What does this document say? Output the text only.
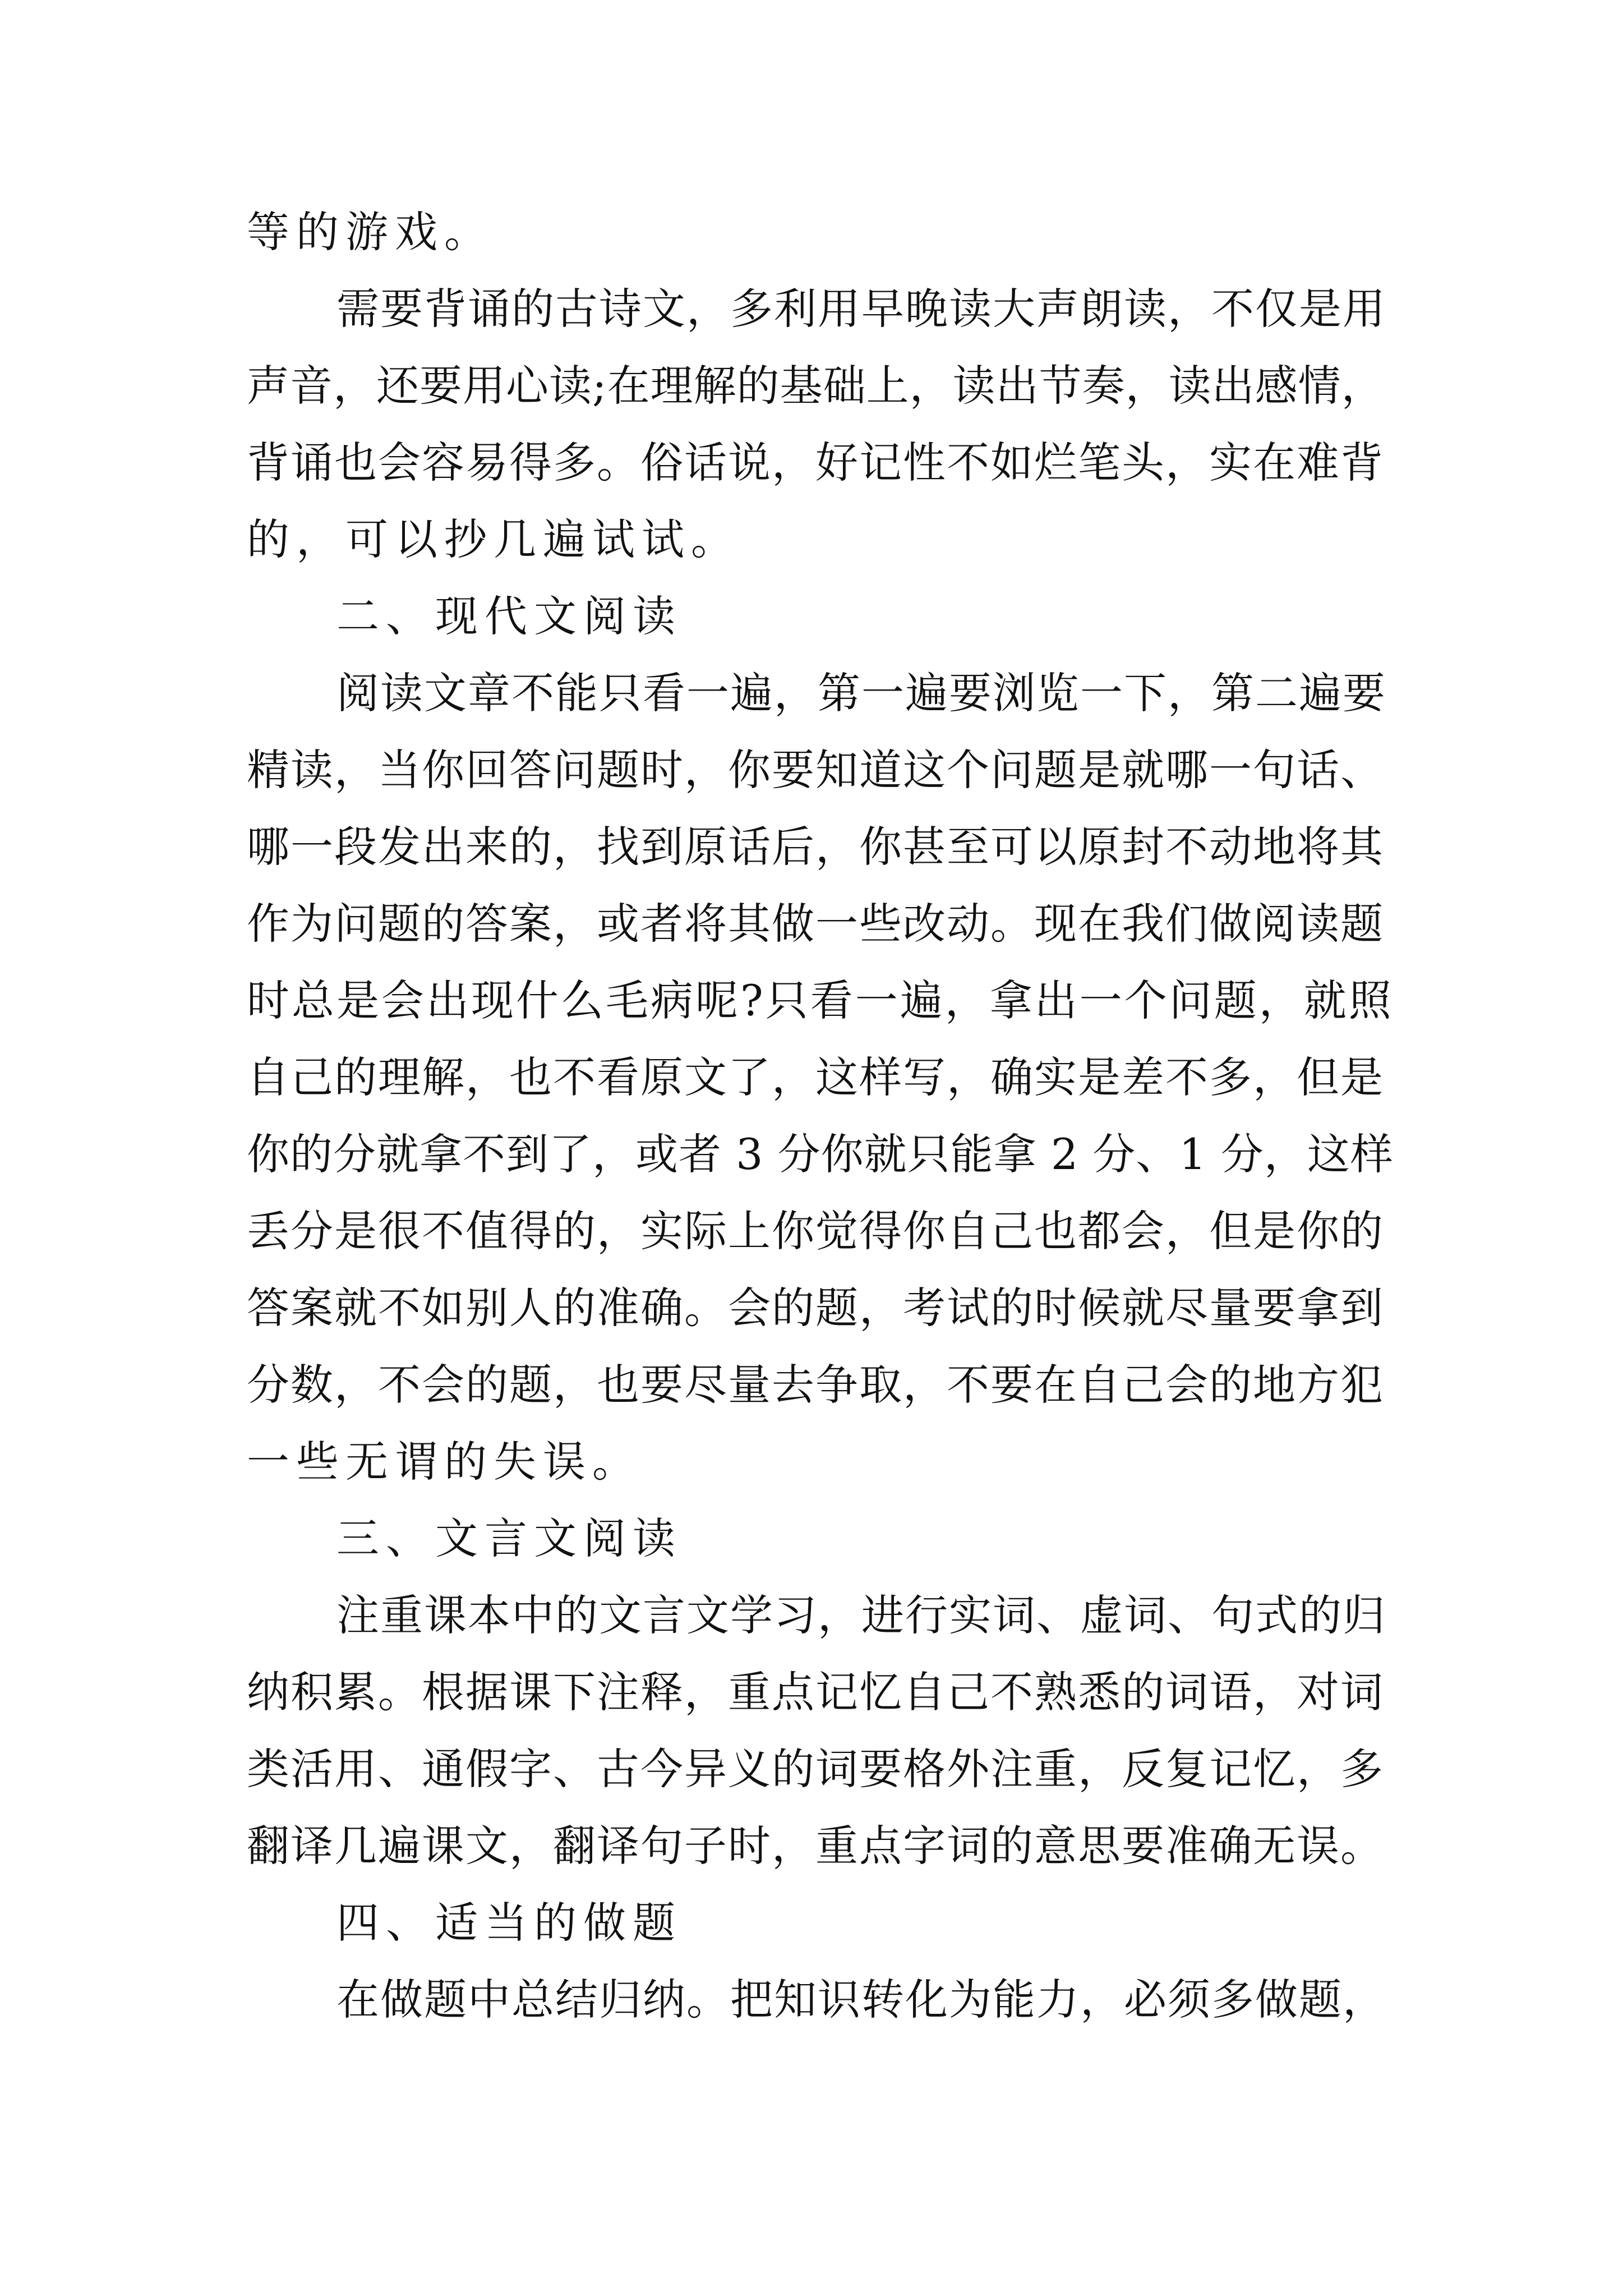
等的游戏。
需要背诵的古诗文，多利用早晚读大声朗读，不仅是用
声音，还要用心读;在理解的基础上，读出节奏，读出感情，
背诵也会容易得多。俗话说，好记性不如烂笔头，实在难背
的，可以抄几遍试试。
二、现代文阅读
阅读文章不能只看一遍，第一遍要浏览一下，第二遍要
精读，当你回答问题时，你要知道这个问题是就哪一句话、
哪一段发出来的，找到原话后，你甚至可以原封不动地将其
作为问题的答案，或者将其做一些改动。现在我们做阅读题
时总是会出现什么毛病呢?只看一遍，拿出一个问题，就照
自己的理解，也不看原文了，这样写，确实是差不多，但是
你的分就拿不到了，或者 3 分你就只能拿 2 分、1 分，这样
丢分是很不值得的，实际上你觉得你自己也都会，但是你的
答案就不如别人的准确。会的题，考试的时候就尽量要拿到
分数，不会的题，也要尽量去争取，不要在自己会的地方犯
一些无谓的失误。
三、文言文阅读
注重课本中的文言文学习，进行实词、虚词、句式的归
纳积累。根据课下注释，重点记忆自己不熟悉的词语，对词
类活用、通假字、古今异义的词要格外注重，反复记忆，多
翻译几遍课文，翻译句子时，重点字词的意思要准确无误。
四、适当的做题
在做题中总结归纳。把知识转化为能力，必须多做题，
